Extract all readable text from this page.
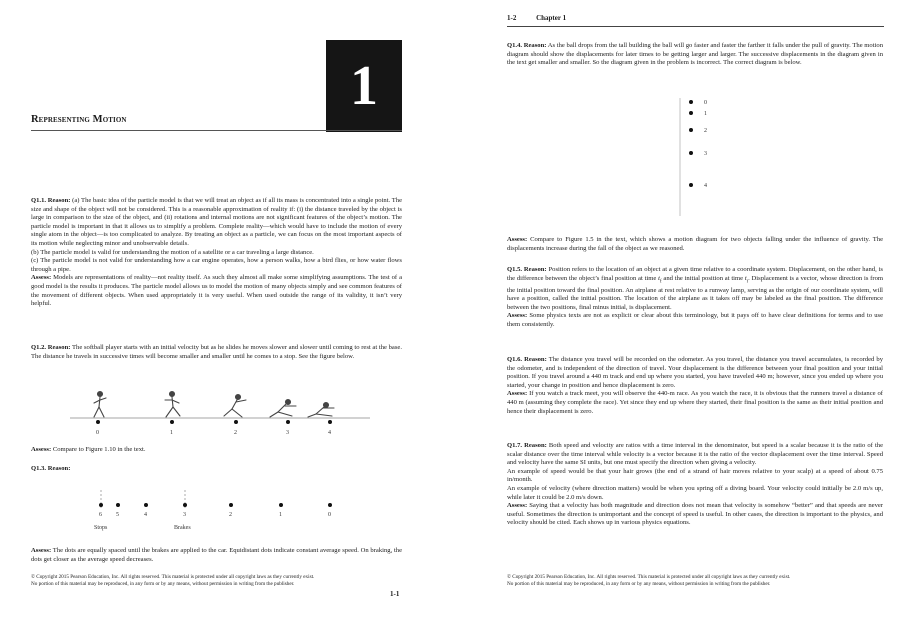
1
Representing Motion

Q1.1. Reason: (a) The basic idea of the particle model is that we will treat an object as if all its mass is concentrated into a single point. The size and shape of the object will not be considered. This is a reasonable approximation of reality if: (i) the distance traveled by the object is large in comparison to the size of the object, and (ii) rotations and internal motions are not significant features of the object’s motion. The particle model is important in that it allows us to simplify a problem. Complete reality—which would have to include the motion of every single atom in the object—is too complicated to analyze. By treating an object as a particle, we can focus on the most important aspects of its motion while neglecting minor and unobservable details.

(b) The particle model is valid for understanding the motion of a satellite or a car traveling a large distance.

(c) The particle model is not valid for understanding how a car engine operates, how a person walks, how a bird flies, or how water flows through a pipe.

Assess: Models are representations of reality—not reality itself. As such they almost all make some simplifying assumptions. The test of a good model is the results it produces. The particle model allows us to model the motion of many objects simply and see common features of the movement of different objects. When used appropriately it is very useful. When used outside the range of its validity, it isn’t very helpful.

Q1.2. Reason: The softball player starts with an initial velocity but as he slides he moves slower and slower until coming to rest at the base. The distance he travels in successive times will become smaller and smaller until he comes to a stop. See the figure below.

0	1	2	3	4

Assess: Compare to Figure 1.10 in the text.

Q1.3. Reason:

6 5	4	3	2	1	0
Stops	Brakes

Assess: The dots are equally spaced until the brakes are applied to the car. Equidistant dots indicate constant average speed. On braking, the dots get closer as the average speed decreases.

© Copyright 2015 Pearson Education, Inc. All rights reserved. This material is protected under all copyright laws as they currently exist.
No portion of this material may be reproduced, in any form or by any means, without permission in writing from the publisher.
1-1
1-2	Chapter 1

Q1.4. Reason: As the ball drops from the tall building the ball will go faster and faster the farther it falls under the pull of gravity. The motion diagram should show the displacements for later times to be getting larger and larger. The successive displacements in the diagram given in the text get smaller and smaller. So the diagram given in the problem is incorrect. The correct diagram is below.

0
1
2
3
4

Assess: Compare to Figure 1.5 in the text, which shows a motion diagram for two objects falling under the influence of gravity. The displacements increase during the fall of the object as we reasoned.

Q1.5. Reason: Position refers to the location of an object at a given time relative to a coordinate system. Displacement, on the other hand, is the difference between the object’s final position at time $t_f$ and the initial position at time $t_i$. Displacement is a vector, whose direction is from the initial position toward the final position. An airplane at rest relative to a runway lamp, serving as the origin of our coordinate system, will have a position, called the initial position. The location of the airplane as it takes off may be labeled as the final position. The difference between the two positions, final minus initial, is displacement.

Assess: Some physics texts are not as explicit or clear about this terminology, but it pays off to have clear definitions for terms and to use them consistently.

Q1.6. Reason: The distance you travel will be recorded on the odometer. As you travel, the distance you travel accumulates, is recorded by the odometer, and is independent of the direction of travel. Your displacement is the difference between your final position and your initial position. If you travel around a 440 m track and end up where you started, you have traveled 440 m; however, since you ended up where you started, your change in position and hence displacement is zero.

Assess: If you watch a track meet, you will observe the 440-m race. As you watch the race, it is obvious that the runners travel a distance of 440 m (assuming they complete the race). Yet since they end up where they started, their final position is the same as their initial position and hence their displacement is zero.

Q1.7. Reason: Both speed and velocity are ratios with a time interval in the denominator, but speed is a scalar because it is the ratio of the scalar distance over the time interval while velocity is a vector because it is the ratio of the vector displacement over the time interval. Speed and velocity have the same SI units, but one must specify the direction when giving a velocity.

An example of speed would be that your hair grows (the end of a strand of hair moves relative to your scalp) at a speed of about 0.75 in/month.

An example of velocity (where direction matters) would be when you spring off a diving board. Your velocity could initially be 2.0 m/s up, while later it could be 2.0 m/s down.

Assess: Saying that a velocity has both magnitude and direction does not mean that velocity is somehow “better” and that speeds are never useful. Sometimes the direction is unimportant and the concept of speed is useful. In other cases, the direction is important to the physics, and velocity should be cited. Each shows up in various physics equations.

© Copyright 2015 Pearson Education, Inc. All rights reserved. This material is protected under all copyright laws as they currently exist.
No portion of this material may be reproduced, in any form or by any means, without permission in writing from the publisher.
